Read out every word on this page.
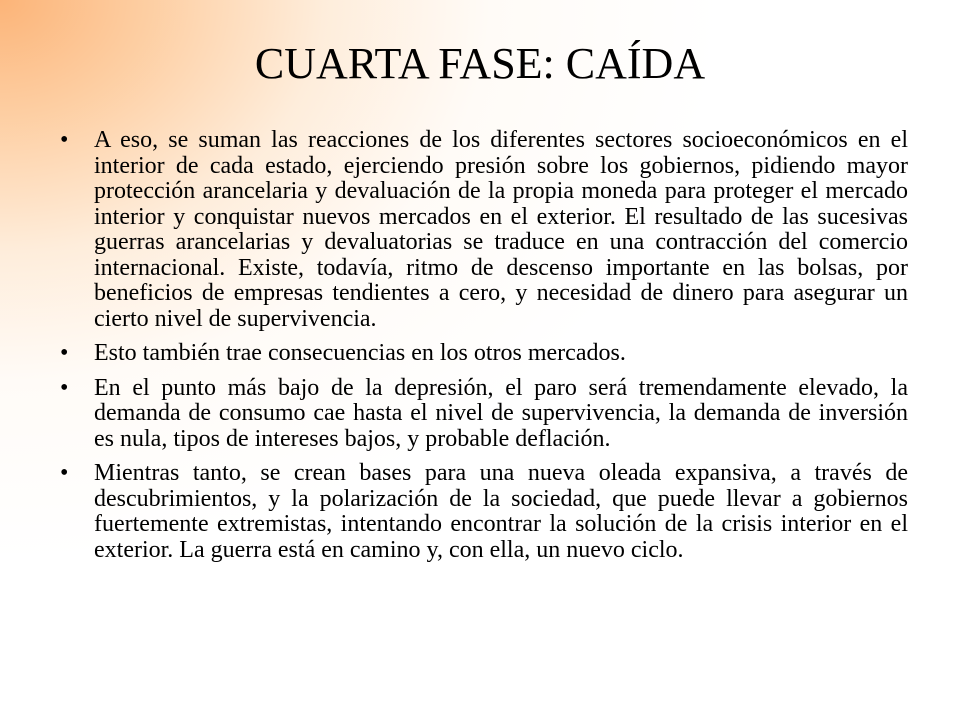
CUARTA FASE: CAÍDA
• A eso, se suman las reacciones de los diferentes sectores socioeconómicos en el interior de cada estado, ejerciendo presión sobre los gobiernos, pidiendo mayor protección arancelaria y devaluación de la propia moneda para proteger el mercado interior y conquistar nuevos mercados en el exterior. El resultado de las sucesivas guerras arancelarias y devaluatorias se traduce en una contracción del comercio internacional. Existe, todavía, ritmo de descenso importante en las bolsas, por beneficios de empresas tendientes a cero, y necesidad de dinero para asegurar un cierto nivel de supervivencia.
• Esto también trae consecuencias en los otros mercados.
• En el punto más bajo de la depresión, el paro será tremendamente elevado, la demanda de consumo cae hasta el nivel de supervivencia, la demanda de inversión es nula, tipos de intereses bajos, y probable deflación.
• Mientras tanto, se crean bases para una nueva oleada expansiva, a través de descubrimientos, y la polarización de la sociedad, que puede llevar a gobiernos fuertemente extremistas, intentando encontrar la solución de la crisis interior en el exterior. La guerra está en camino y, con ella, un nuevo ciclo.
